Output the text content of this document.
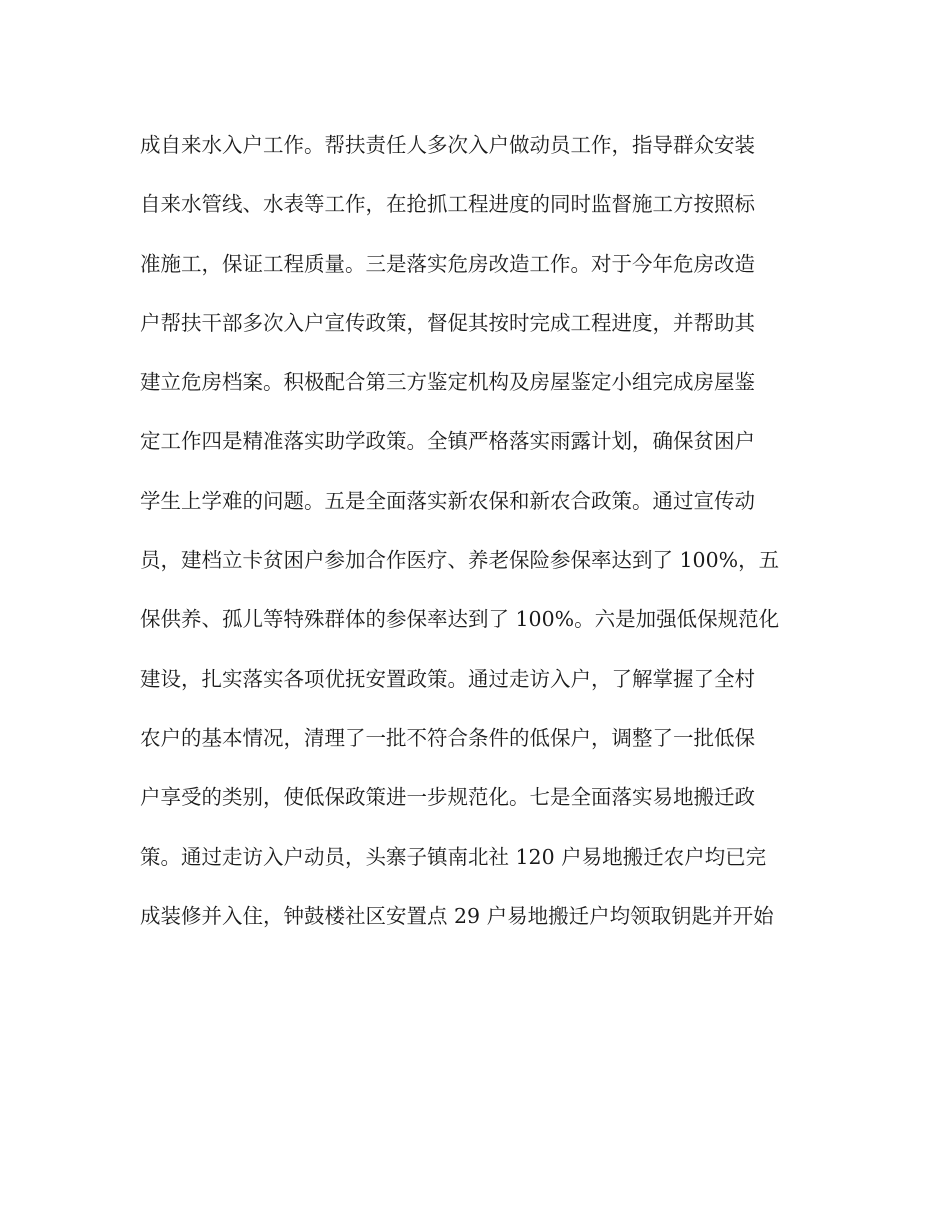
成自来水入户工作。帮扶责任人多次入户做动员工作，指导群众安装
自来水管线、水表等工作，在抢抓工程进度的同时监督施工方按照标
准施工，保证工程质量。三是落实危房改造工作。对于今年危房改造
户帮扶干部多次入户宣传政策，督促其按时完成工程进度，并帮助其
建立危房档案。积极配合第三方鉴定机构及房屋鉴定小组完成房屋鉴
定工作四是精准落实助学政策。全镇严格落实雨露计划，确保贫困户
学生上学难的问题。五是全面落实新农保和新农合政策。通过宣传动
员，建档立卡贫困户参加合作医疗、养老保险参保率达到了 100%，五
保供养、孤儿等特殊群体的参保率达到了 100%。六是加强低保规范化
建设，扎实落实各项优抚安置政策。通过走访入户，了解掌握了全村
农户的基本情况，清理了一批不符合条件的低保户，调整了一批低保
户享受的类别，使低保政策进一步规范化。七是全面落实易地搬迁政
策。通过走访入户动员，头寨子镇南北社 120 户易地搬迁农户均已完
成装修并入住，钟鼓楼社区安置点 29 户易地搬迁户均领取钥匙并开始
